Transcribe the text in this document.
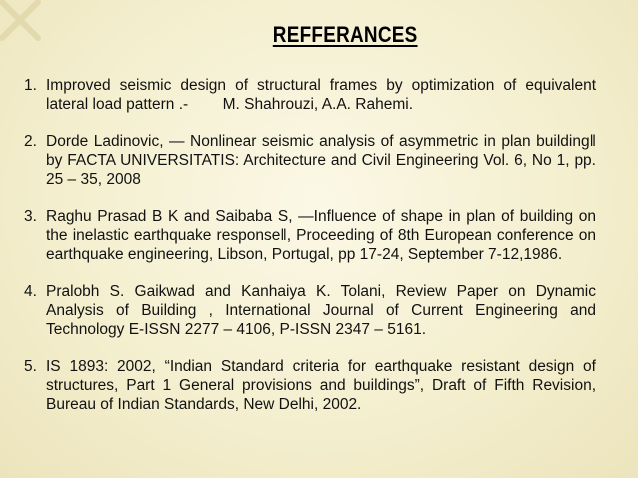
REFFERANCES
1. Improved seismic design of structural frames by optimization of equivalent lateral load pattern .-        M. Shahrouzi, A.A. Rahemi.
2. Dorde Ladinovic, ― Nonlinear seismic analysis of asymmetric in plan building‖ by FACTA UNIVERSITATIS: Architecture and Civil Engineering Vol. 6, No 1, pp. 25 – 35, 2008
3. Raghu Prasad B K and Saibaba S, ―Influence of shape in plan of building on the inelastic earthquake response‖, Proceeding of 8th European conference on earthquake engineering, Libson, Portugal, pp 17-24, September 7-12,1986.
4. Pralobh S. Gaikwad and Kanhaiya K. Tolani, Review Paper on Dynamic Analysis of Building , International Journal of Current Engineering and Technology E-ISSN 2277 – 4106, P-ISSN 2347 – 5161.
5. IS 1893: 2002, “Indian Standard criteria for earthquake resistant design of structures, Part 1 General provisions and buildings”, Draft of Fifth Revision, Bureau of Indian Standards, New Delhi, 2002.
